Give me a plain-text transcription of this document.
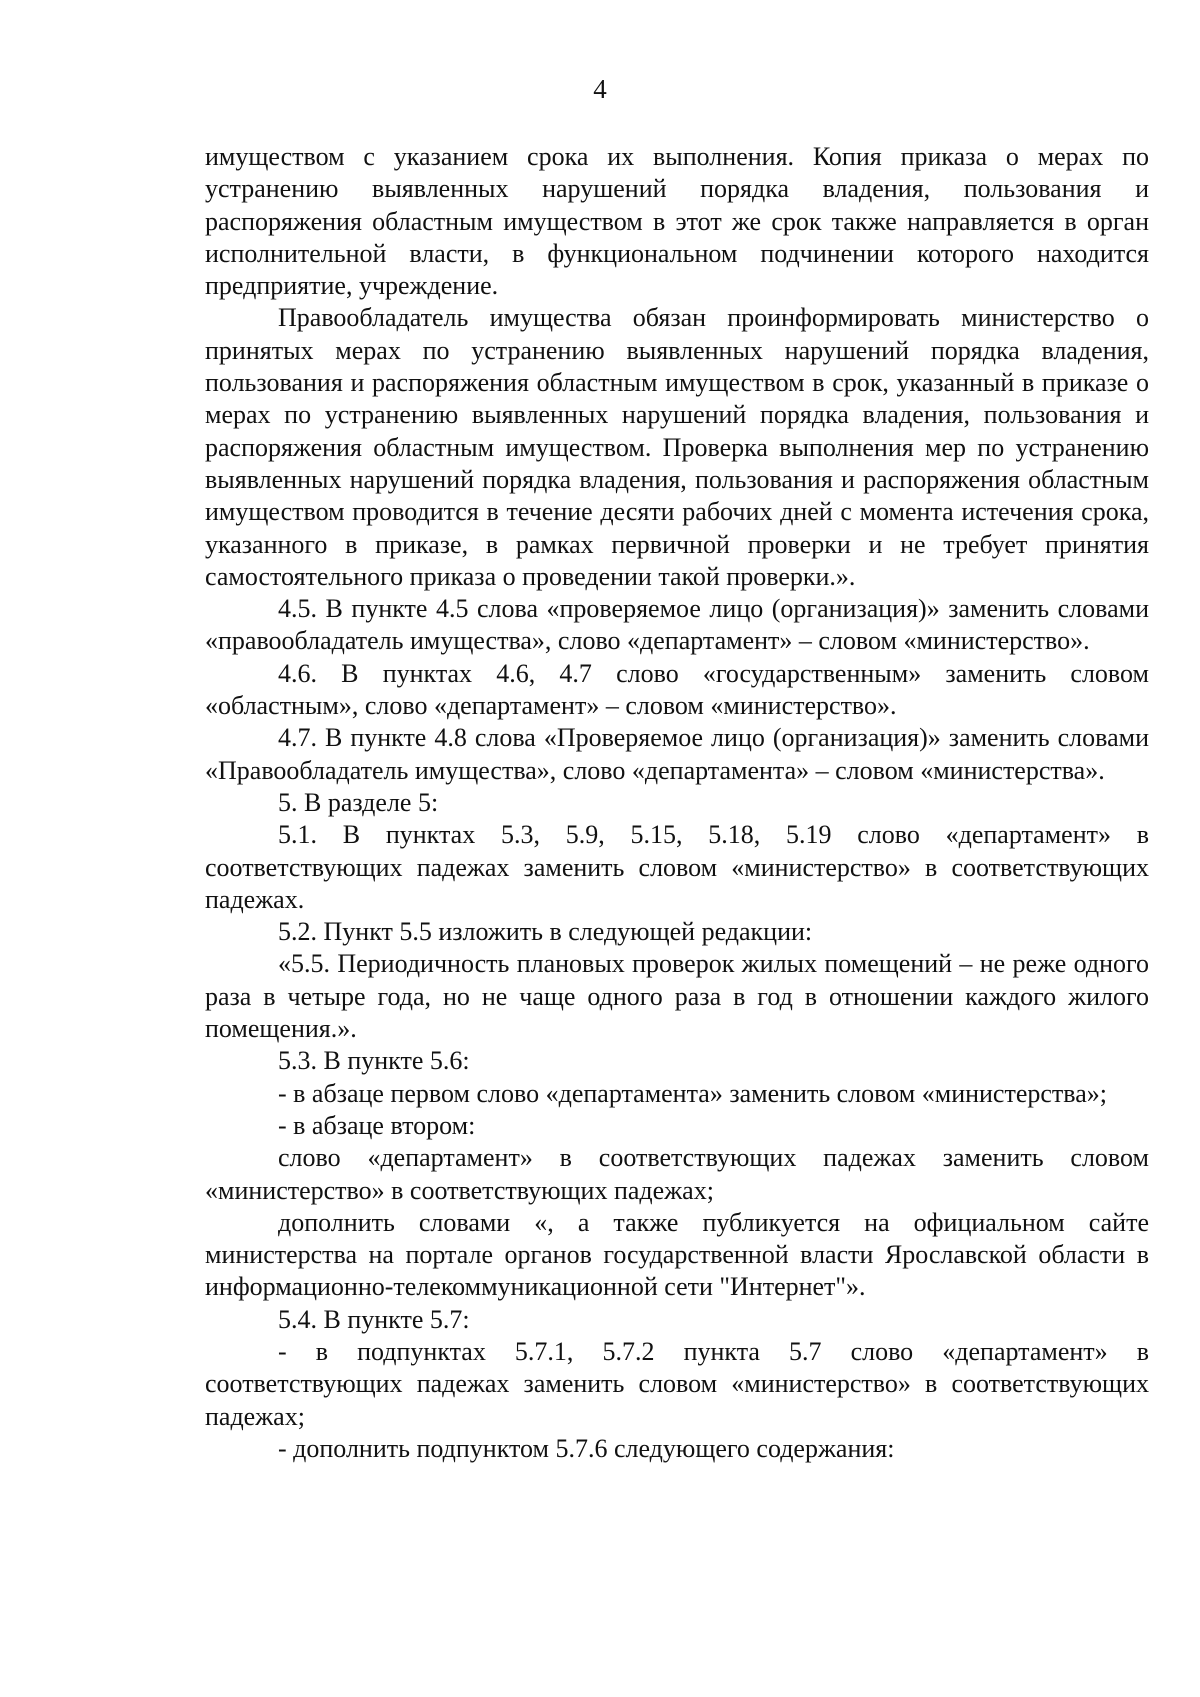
4

имуществом с указанием срока их выполнения. Копия приказа о мерах по устранению выявленных нарушений порядка владения, пользования и распоряжения областным имуществом в этот же срок также направляется в орган исполнительной власти, в функциональном подчинении которого находится предприятие, учреждение.

Правообладатель имущества обязан проинформировать министерство о принятых мерах по устранению выявленных нарушений порядка владения, пользования и распоряжения областным имуществом в срок, указанный в приказе о мерах по устранению выявленных нарушений порядка владения, пользования и распоряжения областным имуществом. Проверка выполнения мер по устранению выявленных нарушений порядка владения, пользования и распоряжения областным имуществом проводится в течение десяти рабочих дней с момента истечения срока, указанного в приказе, в рамках первичной проверки и не требует принятия самостоятельного приказа о проведении такой проверки.».

4.5. В пункте 4.5 слова «проверяемое лицо (организация)» заменить словами «правообладатель имущества», слово «департамент» – словом «министерство».

4.6. В пунктах 4.6, 4.7 слово «государственным» заменить словом «областным», слово «департамент» – словом «министерство».

4.7. В пункте 4.8 слова «Проверяемое лицо (организация)» заменить словами «Правообладатель имущества», слово «департамента» – словом «министерства».

5. В разделе 5:

5.1. В пунктах 5.3, 5.9, 5.15, 5.18, 5.19 слово «департамент» в соответствующих падежах заменить словом «министерство» в соответствующих падежах.

5.2. Пункт 5.5 изложить в следующей редакции:

«5.5. Периодичность плановых проверок жилых помещений – не реже одного раза в четыре года, но не чаще одного раза в год в отношении каждого жилого помещения.».

5.3. В пункте 5.6:

- в абзаце первом слово «департамента» заменить словом «министерства»;

- в абзаце втором:

слово «департамент» в соответствующих падежах заменить словом «министерство» в соответствующих падежах;

дополнить словами «, а также публикуется на официальном сайте министерства на портале органов государственной власти Ярославской области в информационно-телекоммуникационной сети "Интернет"».

5.4. В пункте 5.7:

- в подпунктах 5.7.1, 5.7.2 пункта 5.7 слово «департамент» в соответствующих падежах заменить словом «министерство» в соответствующих падежах;

- дополнить подпунктом 5.7.6 следующего содержания:
